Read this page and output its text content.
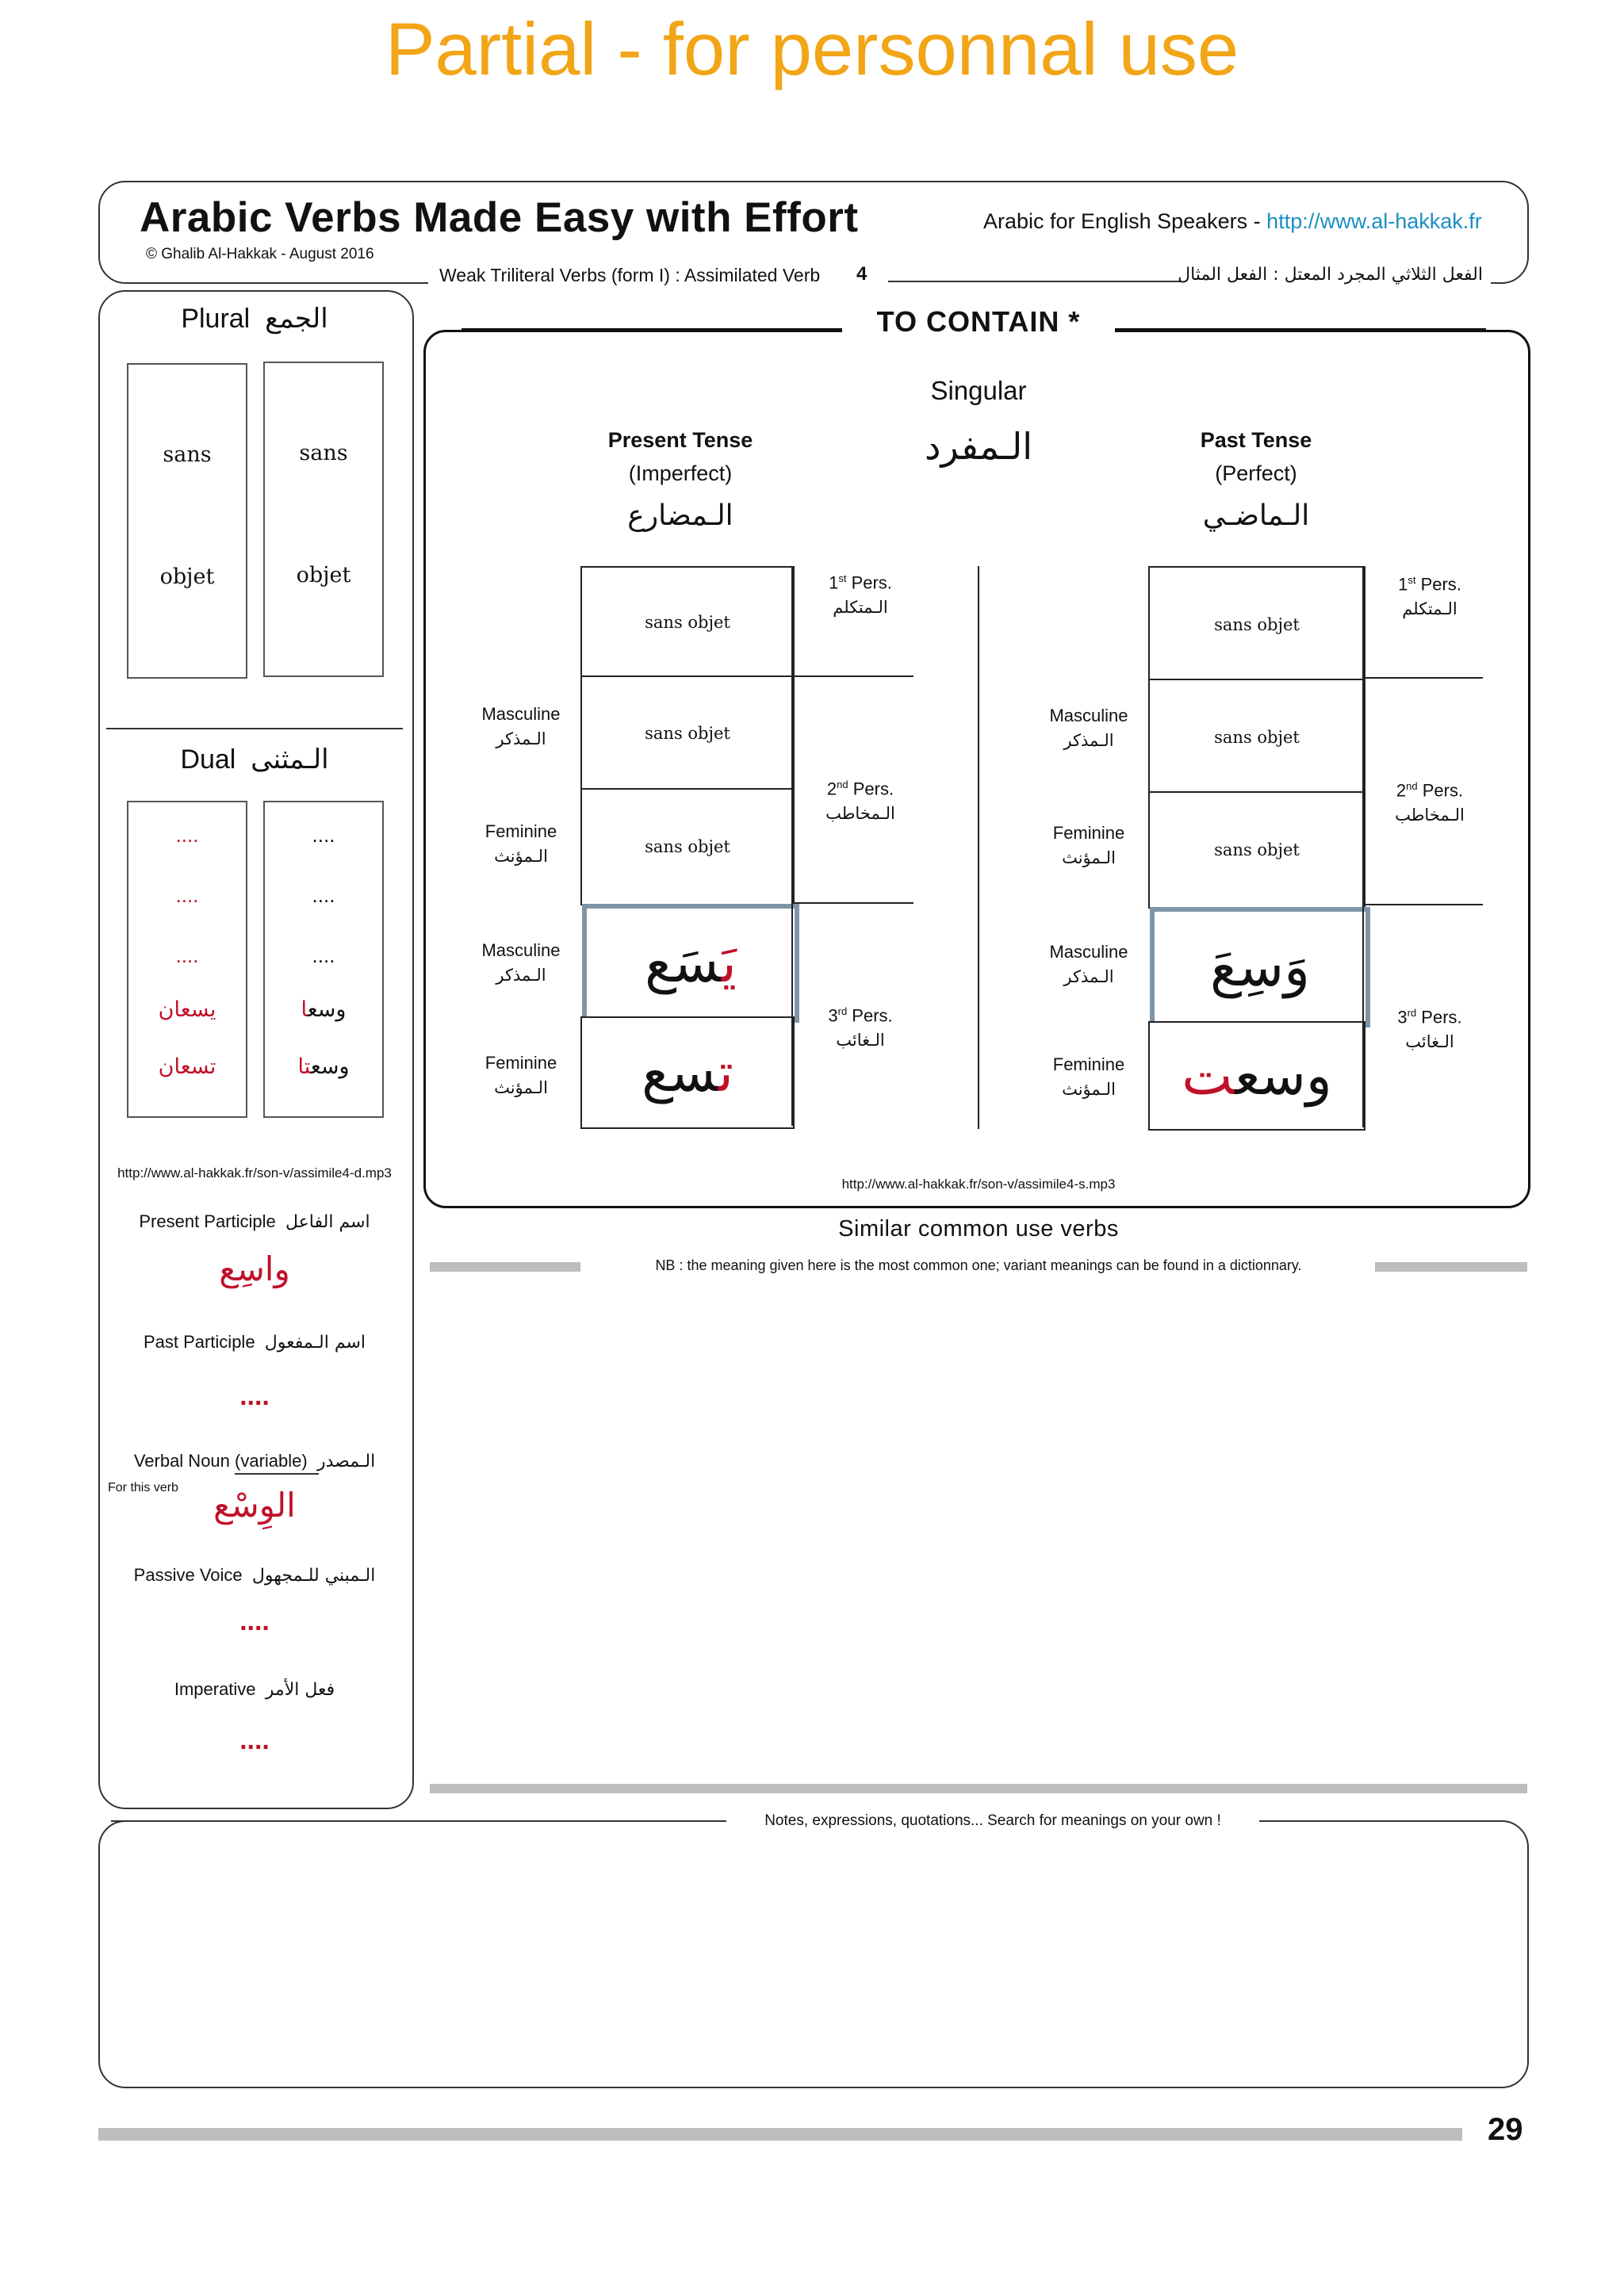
Partial - for personnal use
Arabic Verbs Made Easy with Effort
© Ghalib Al-Hakkak - August 2016
Arabic for English Speakers - http://www.al-hakkak.fr
Weak Triliteral Verbs (form I) : Assimilated Verb 4	الفعل الثلاثي المجرد المعتل : الفعل المثال
Plural الجمع
sans
objet
sans
objet
Dual الـمثنى
....
....
....
يسعان
تسعان
....
....
....
وسعا
وسعتا
http://www.al-hakkak.fr/son-v/assimile4-d.mp3
Present Participle اسم الفاعل
واسِع
Past Participle اسم الـمفعول
....
Verbal Noun (variable) الـمصدر
For this verb	الوِسْع
Passive Voice الـمبني للـمجهول
....
Imperative فعل الأمر
....
TO CONTAIN *
Singular
الـمفرد
Present Tense
(Imperfect)
الـمضارع
Past Tense
(Perfect)
الـماضـي
sans objet
sans objet
sans objet
يَسَع
تسع
Masculine
الـمذكر
Feminine
الـمؤنث
Masculine
الـمذكر
Feminine
الـمؤنث
1st Pers.
الـمتكلم
2nd Pers.
الـمخاطب
3rd Pers.
الـغائب
sans objet
sans objet
sans objet
وَسِعَ
وسعت
Masculine
الـمذكر
Feminine
الـمؤنث
Masculine
الـمذكر
Feminine
الـمؤنث
1st Pers.
الـمتكلم
2nd Pers.
الـمخاطب
3rd Pers.
الـغائب
http://www.al-hakkak.fr/son-v/assimile4-s.mp3
Similar common use verbs
NB : the meaning given here is the most common one; variant meanings can be found in a dictionnary.
Notes, expressions, quotations... Search for meanings on your own !
29
